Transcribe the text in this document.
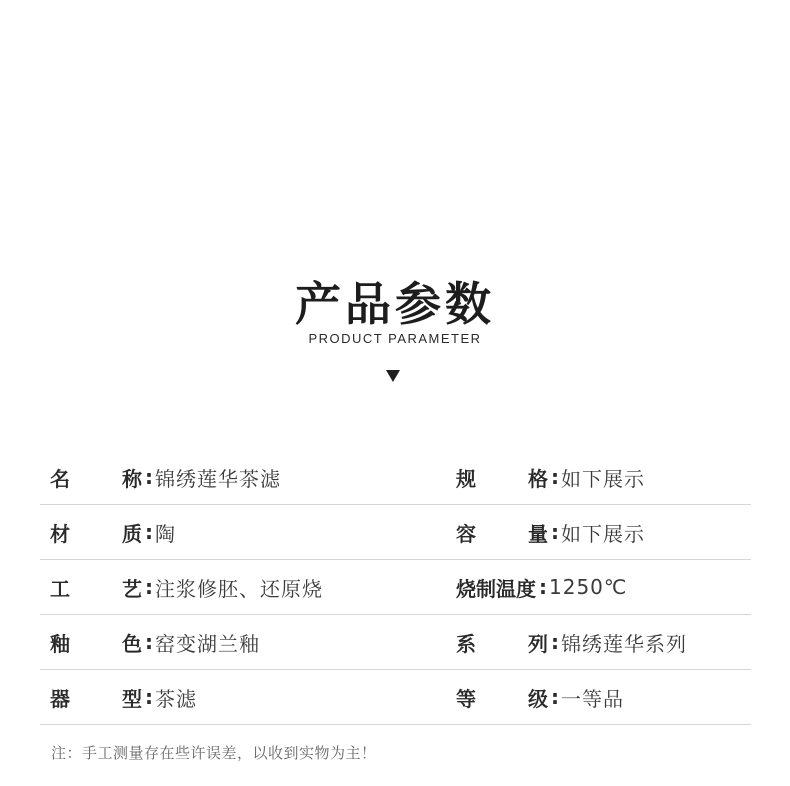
产品参数
PRODUCT PARAMETER
名	称 : 锦绣莲华茶滤	规	格 : 如下展示
材	质 : 陶	容	量 : 如下展示
工	艺 : 注浆修胚、还原烧	烧制温度 : 1250℃
釉	色 : 窑变湖兰釉	系	列 : 锦绣莲华系列
器	型 : 茶滤	等	级 : 一等品
注：手工测量存在些许误差，以收到实物为主！
